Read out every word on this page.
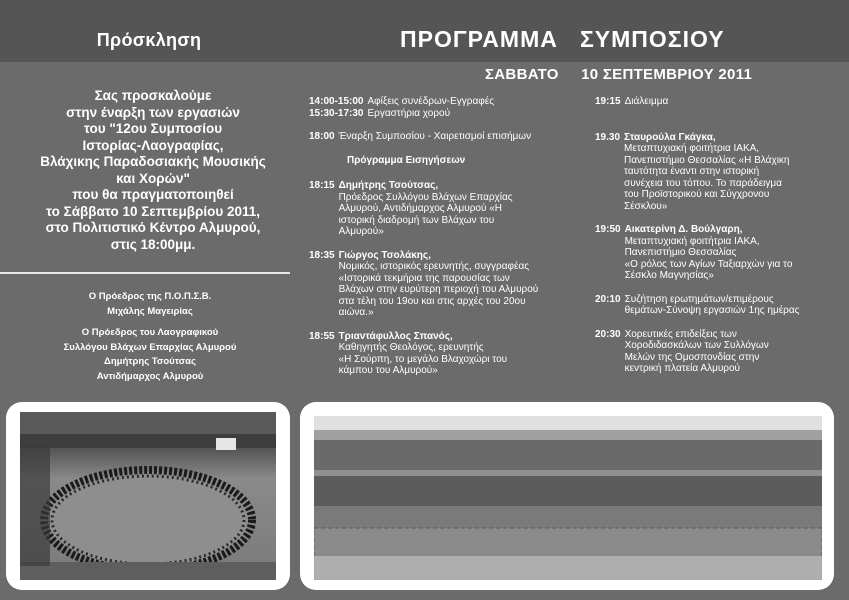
Πρόσκληση	ΠΡΟΓΡΑΜΜΑ   ΣΥΜΠΟΣΙΟΥ
ΣΑΒΒΑΤΟ     10 ΣΕΠΤΕΜΒΡΙΟΥ 2011
Σας προσκαλούμε
στην έναρξη των εργασιών
του "12ου Συμποσίου
Ιστορίας-Λαογραφίας,
Βλάχικης Παραδοσιακής Μουσικής
και Χορών"
που θα πραγματοποιηθεί
το Σάββατο 10 Σεπτεμβρίου 2011,
στο Πολιτιστικό Κέντρο Αλμυρού,
στις 18:00μμ.
Ο Πρόεδρος της Π.Ο.Π.Σ.Β.
Μιχάλης Μαγειρίας
Ο Πρόεδρος του Λαογραφικού
Συλλόγου Βλάχων Επαρχίας Αλμυρού
Δημήτρης Τσούτσας
Αντιδήμαρχος Αλμυρού
14:00-15:00 Αφίξεις συνέδρων-Εγγραφές
15:30-17:30 Εργαστήρια χορού
18:00 Έναρξη Συμποσίου - Χαιρετισμοί επισήμων
Πρόγραμμα Εισηγήσεων
18:15 Δημήτρης Τσούτσας,
Πρόεδρος Συλλόγου Βλάχων Επαρχίας
Αλμυρού, Αντιδήμαρχος Αλμυρού «Η
ιστορική διαδρομή των Βλάχων του
Αλμυρού»
18:35 Γιώργος Τσολάκης,
Νομικός, ιστορικός ερευνητής, συγγραφέας
«Ιστορικά τεκμήρια της παρουσίας των
Βλάχων στην ευρύτερη περιοχή του Αλμυρού
στα τέλη του 19ου και στις αρχές του 20ου
αιώνα.»
18:55 Τριαντάφυλλος Σπανός,
Καθηγητής Θεολόγος, ερευνητής
«Η Σούρπη, το μεγάλο Βλαχοχώρι του
κάμπου του Αλμυρού»
19:15 Διάλειμμα
19.30 Σταυρούλα Γκάγκα,
Μεταπτυχιακή φοιτήτρια ΙΑΚΑ,
Πανεπιστήμιο Θεσσαλίας «Η Βλάχικη
ταυτότητα έναντι στην ιστορική
συνέχεια του τόπου. Το παράδειγμα
του Προϊστορικού και Σύγχρονου
Σέσκλου»
19:50 Αικατερίνη Δ. Βούλγαρη,
Μεταπτυχιακή φοιτήτρια ΙΑΚΑ,
Πανεπιστήμιο Θεσσαλίας
«Ο ρόλος των Αγίων Ταξιαρχών για το
Σέσκλο Μαγνησίας»
20:10 Συζήτηση ερωτημάτων/επιμέρους
θεμάτων-Σύνοψη εργασιών 1ης ημέρας
20:30 Χορευτικές επιδείξεις των
Χοροδιδασκάλων των Συλλόγων
Μελών της Ομοσπονδίας στην
κεντρική πλατεία Αλμυρού
